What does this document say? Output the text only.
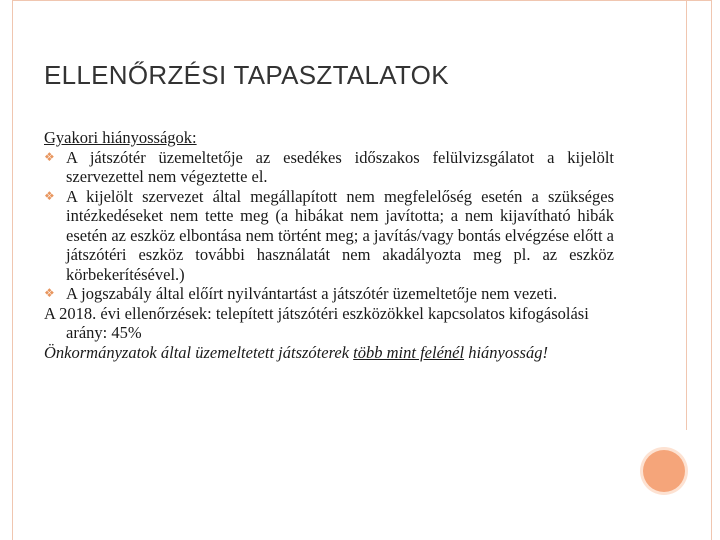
ELLENŐRZÉSI TAPASZTALATOK

Gyakori hiányosságok:

❖ A játszótér üzemeltetője az esedékes időszakos felülvizsgálatot a kijelölt szervezettel nem végeztette el.

❖ A kijelölt szervezet által megállapított nem megfelelőség esetén a szükséges intézkedéseket nem tette meg (a hibákat nem javította; a nem kijavítható hibák esetén az eszköz elbontása nem történt meg; a javítás/vagy bontás elvégzése előtt a játszótéri eszköz további használatát nem akadályozta meg pl. az eszköz körbekerítésével.)

❖ A jogszabály által előírt nyilvántartást a játszótér üzemeltetője nem vezeti.

A 2018. évi ellenőrzések: telepített játszótéri eszközökkel kapcsolatos kifogásolási arány: 45%

Önkormányzatok által üzemeltetett játszóterek több mint felénél hiányosság!
